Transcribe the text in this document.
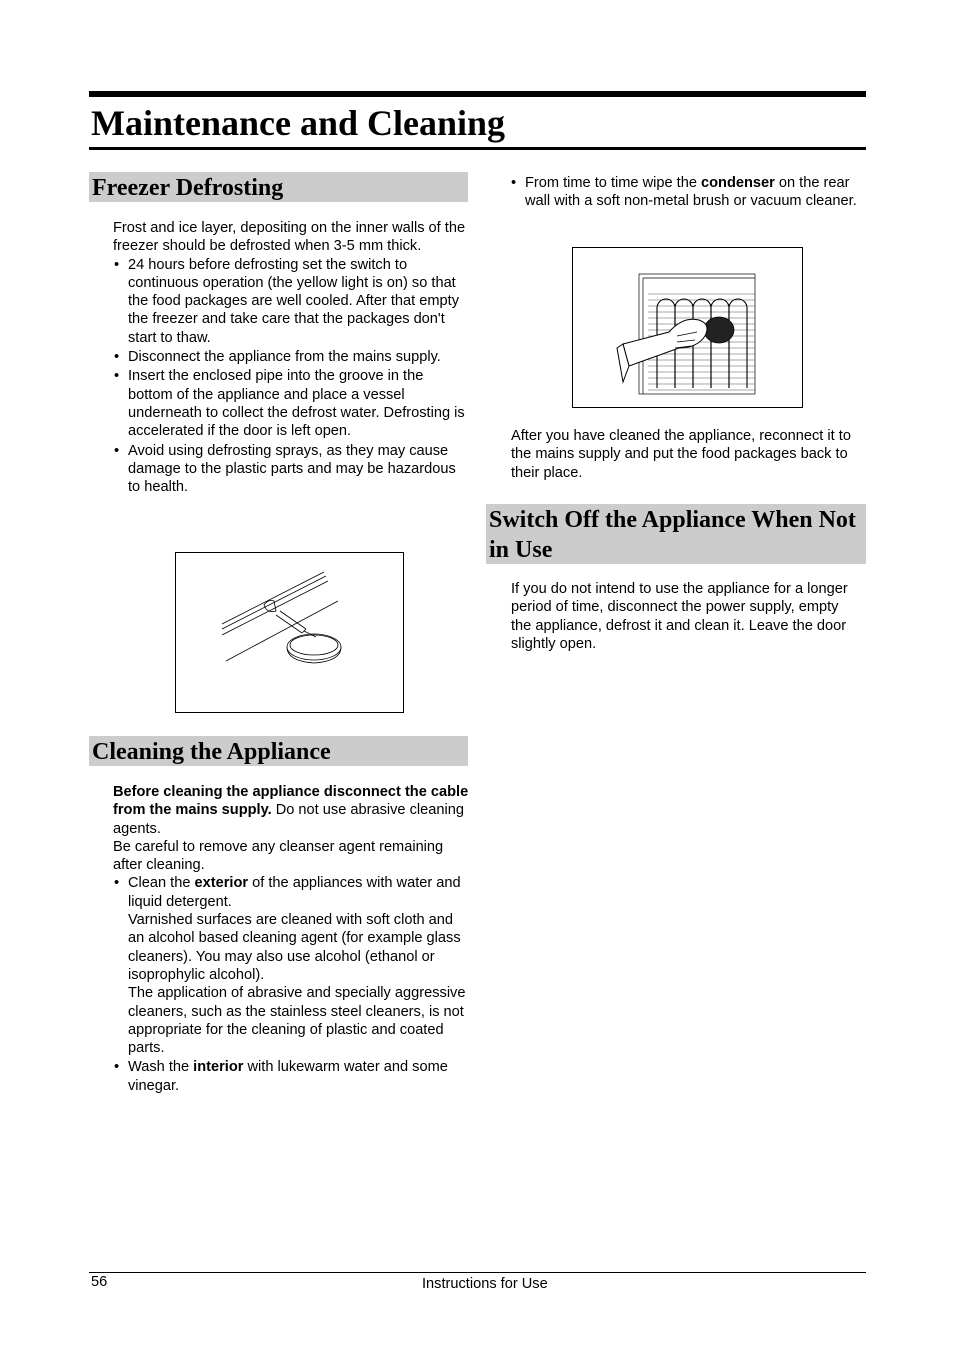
Maintenance and Cleaning
Freezer Defrosting

Frost and ice layer, depositing on the inner walls of the freezer should be defrosted when 3-5 mm thick.

• 24 hours before defrosting set the switch to continuous operation (the yellow light is on) so that the food packages are well cooled. After that empty the freezer and take care that the packages don't start to thaw.
• Disconnect the appliance from the mains supply.
• Insert the enclosed pipe into the groove in the bottom of the appliance and place a vessel underneath to collect the defrost water. Defrosting is accelerated if the door is left open.
• Avoid using defrosting sprays, as they may cause damage to the plastic parts and may be hazardous to health.
Cleaning the Appliance

Before cleaning the appliance disconnect the cable from the mains supply. Do not use abrasive cleaning agents.

Be careful to remove any cleanser agent remaining after cleaning.

• Clean the exterior of the appliances with water and liquid detergent.
Varnished surfaces are cleaned with soft cloth and an alcohol based cleaning agent (for example glass cleaners). You may also use alcohol (ethanol or isoprophylic alcohol).
The application of abrasive and specially aggressive cleaners, such as the stainless steel cleaners, is not appropriate for the cleaning of plastic and coated parts.
• Wash the interior with lukewarm water and some vinegar.
• From time to time wipe the condenser on the rear wall with a soft non-metal brush or vacuum cleaner.

After you have cleaned the appliance, reconnect it to the mains supply and put the food packages back to their place.

Switch Off the Appliance When Not in Use

If you do not intend to use the appliance for a longer period of time, disconnect the power supply, empty the appliance, defrost it and clean it. Leave the door slightly open.

56	Instructions for Use
